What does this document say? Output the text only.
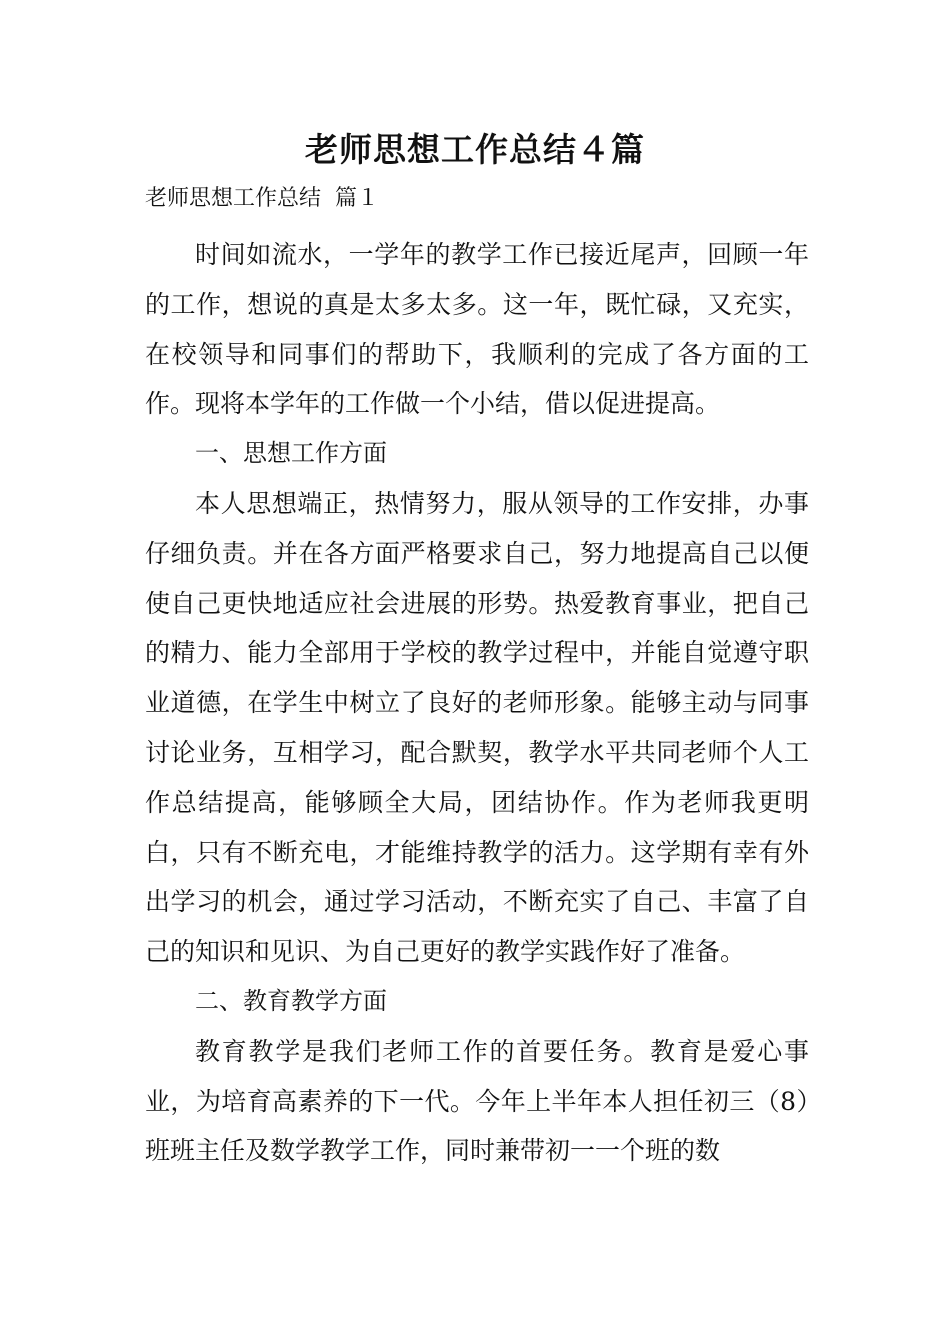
老师思想工作总结４篇

老师思想工作总结  篇１

时间如流水，一学年的教学工作已接近尾声，回顾一年的工作，想说的真是太多太多。这一年，既忙碌，又充实，在校领导和同事们的帮助下，我顺利的完成了各方面的工作。现将本学年的工作做一个小结，借以促进提高。

一、思想工作方面

本人思想端正，热情努力，服从领导的工作安排，办事仔细负责。并在各方面严格要求自己，努力地提高自己以便使自己更快地适应社会进展的形势。热爱教育事业，把自己的精力、能力全部用于学校的教学过程中，并能自觉遵守职业道德，在学生中树立了良好的老师形象。能够主动与同事讨论业务，互相学习，配合默契，教学水平共同老师个人工作总结提高，能够顾全大局，团结协作。作为老师我更明白，只有不断充电，才能维持教学的活力。这学期有幸有外出学习的机会，通过学习活动，不断充实了自己、丰富了自己的知识和见识、为自己更好的教学实践作好了准备。

二、教育教学方面

教育教学是我们老师工作的首要任务。教育是爱心事业，为培育高素养的下一代。今年上半年本人担任初三（8）班班主任及数学教学工作，同时兼带初一一个班的数
